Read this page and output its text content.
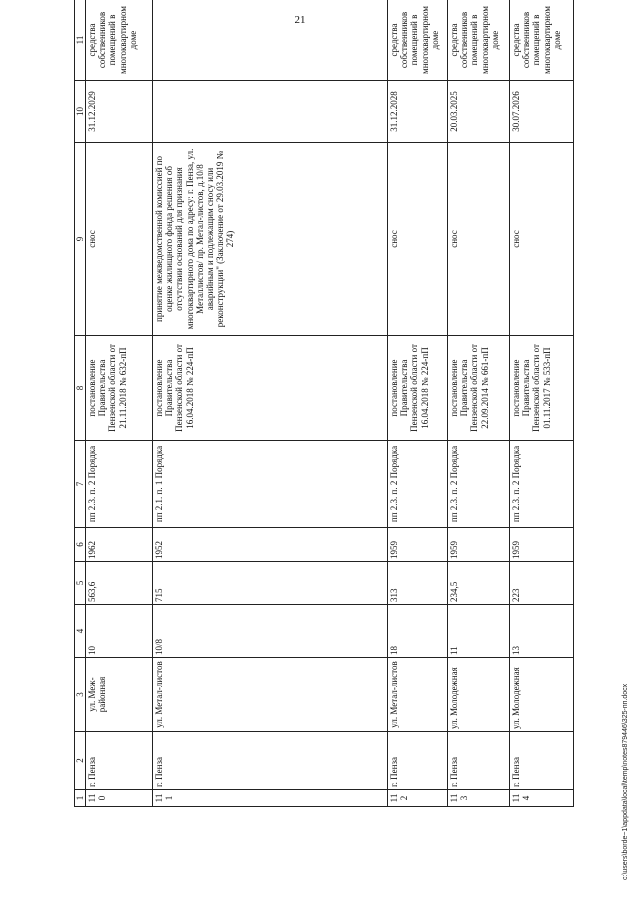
21
1	2	3	4	5	6	7	8	9	10	11
110	г. Пенза	ул. Меж-районная	10	563,6	1962	пп 2.3. п. 2 Порядка	постановление Правительства Пензенской области от 21.11.2018 № 632-пП	снос	31.12.2029	средства собственников помещений в многоквартирном доме
111	г. Пенза	ул. Метал-листов	10/8	715	1952	пп 2.1. п. 1 Порядка	постановление Правительства Пензенской области от 16.04.2018 № 224-пП	принятие межведомственной комиссией по оценке жилищного фонда решения об отсутствии оснований для признания многоквартирного дома по адресу: г. Пенза, ул. Металлистов/ пр. Метал-листов, д.10/8 аварийным и подлежащим сносу или реконструкции" (Заключение от 29.03.2019 № 274)		
112	г. Пенза	ул. Метал-листов	18	313	1959	пп 2.3. п. 2 Порядка	постановление Правительства Пензенской области от 16.04.2018 № 224-пП	снос	31.12.2028	средства собственников помещений в многоквартирном доме
113	г. Пенза	ул. Молодежная	11	234,5	1959	пп 2.3. п. 2 Порядка	постановление Правительства Пензенской области от 22.09.2014 № 661-пП	снос	20.03.2025	средства собственников помещений в многоквартирном доме
114	г. Пенза	ул. Молодежная	13	223	1959	пп 2.3. п. 2 Порядка	постановление Правительства Пензенской области от 01.11.2017 № 533-пП	снос	30.07.2026	средства собственников помещений в многоквартирном доме
c:\users\borde~1\appdata\local\temp\notes879446\325-пп.docx
